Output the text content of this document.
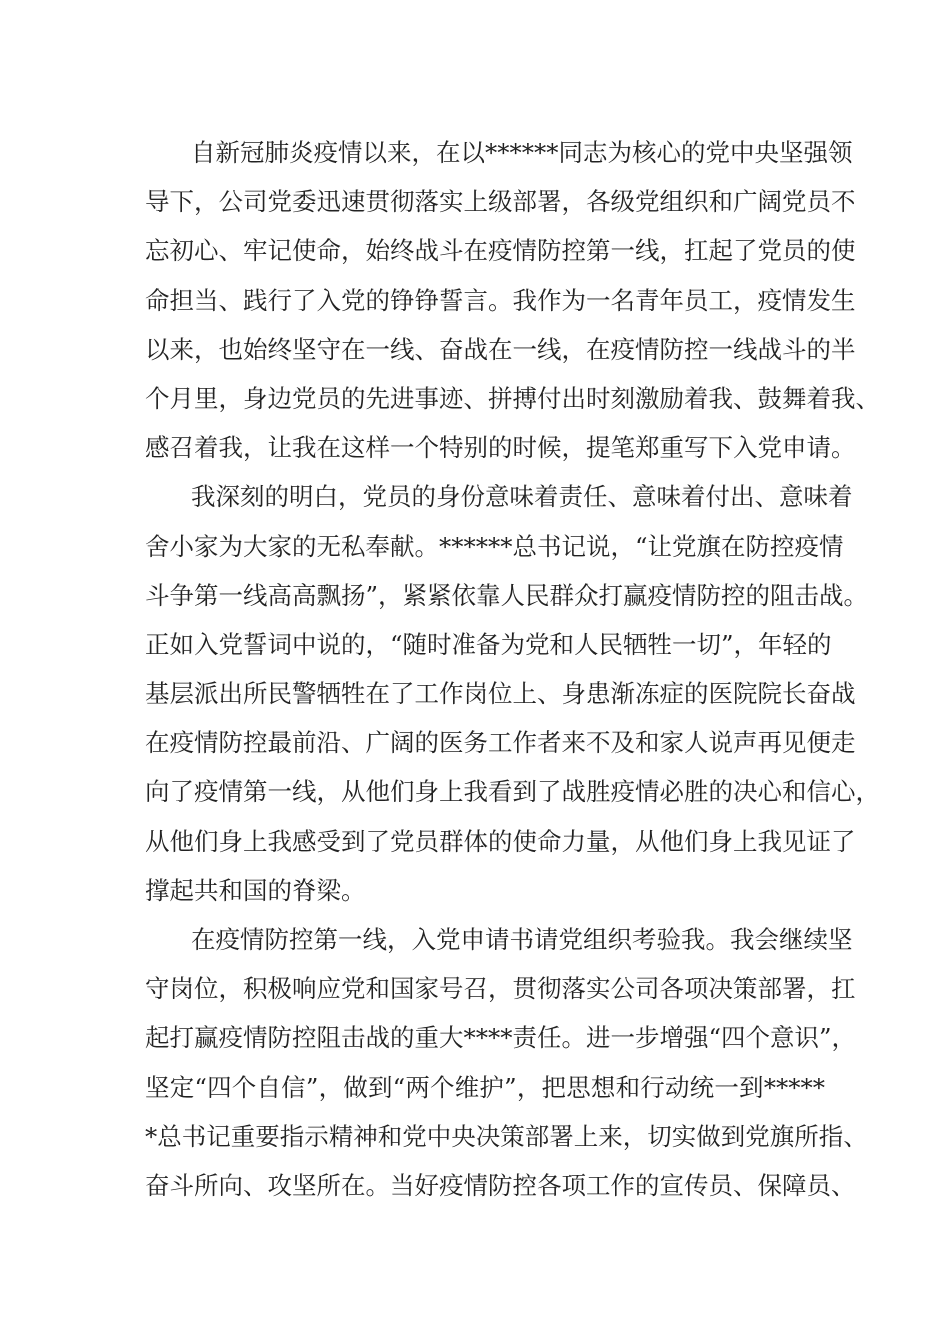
自新冠肺炎疫情以来，在以******同志为核心的党中央坚强领
导下，公司党委迅速贯彻落实上级部署，各级党组织和广阔党员不
忘初心、牢记使命，始终战斗在疫情防控第一线，扛起了党员的使
命担当、践行了入党的铮铮誓言。我作为一名青年员工，疫情发生
以来，也始终坚守在一线、奋战在一线，在疫情防控一线战斗的半
个月里，身边党员的先进事迹、拼搏付出时刻激励着我、鼓舞着我、
感召着我，让我在这样一个特别的时候，提笔郑重写下入党申请。
我深刻的明白，党员的身份意味着责任、意味着付出、意味着
舍小家为大家的无私奉献。******总书记说，“让党旗在防控疫情
斗争第一线高高飘扬”，紧紧依靠人民群众打赢疫情防控的阻击战。
正如入党誓词中说的，“随时准备为党和人民牺牲一切”，年轻的
基层派出所民警牺牲在了工作岗位上、身患渐冻症的医院院长奋战
在疫情防控最前沿、广阔的医务工作者来不及和家人说声再见便走
向了疫情第一线，从他们身上我看到了战胜疫情必胜的决心和信心，
从他们身上我感受到了党员群体的使命力量，从他们身上我见证了
撑起共和国的脊梁。
在疫情防控第一线，入党申请书请党组织考验我。我会继续坚
守岗位，积极响应党和国家号召，贯彻落实公司各项决策部署，扛
起打赢疫情防控阻击战的重大****责任。进一步增强“四个意识”，
坚定“四个自信”，做到“两个维护”，把思想和行动统一到*****
*总书记重要指示精神和党中央决策部署上来，切实做到党旗所指、
奋斗所向、攻坚所在。当好疫情防控各项工作的宣传员、保障员、
